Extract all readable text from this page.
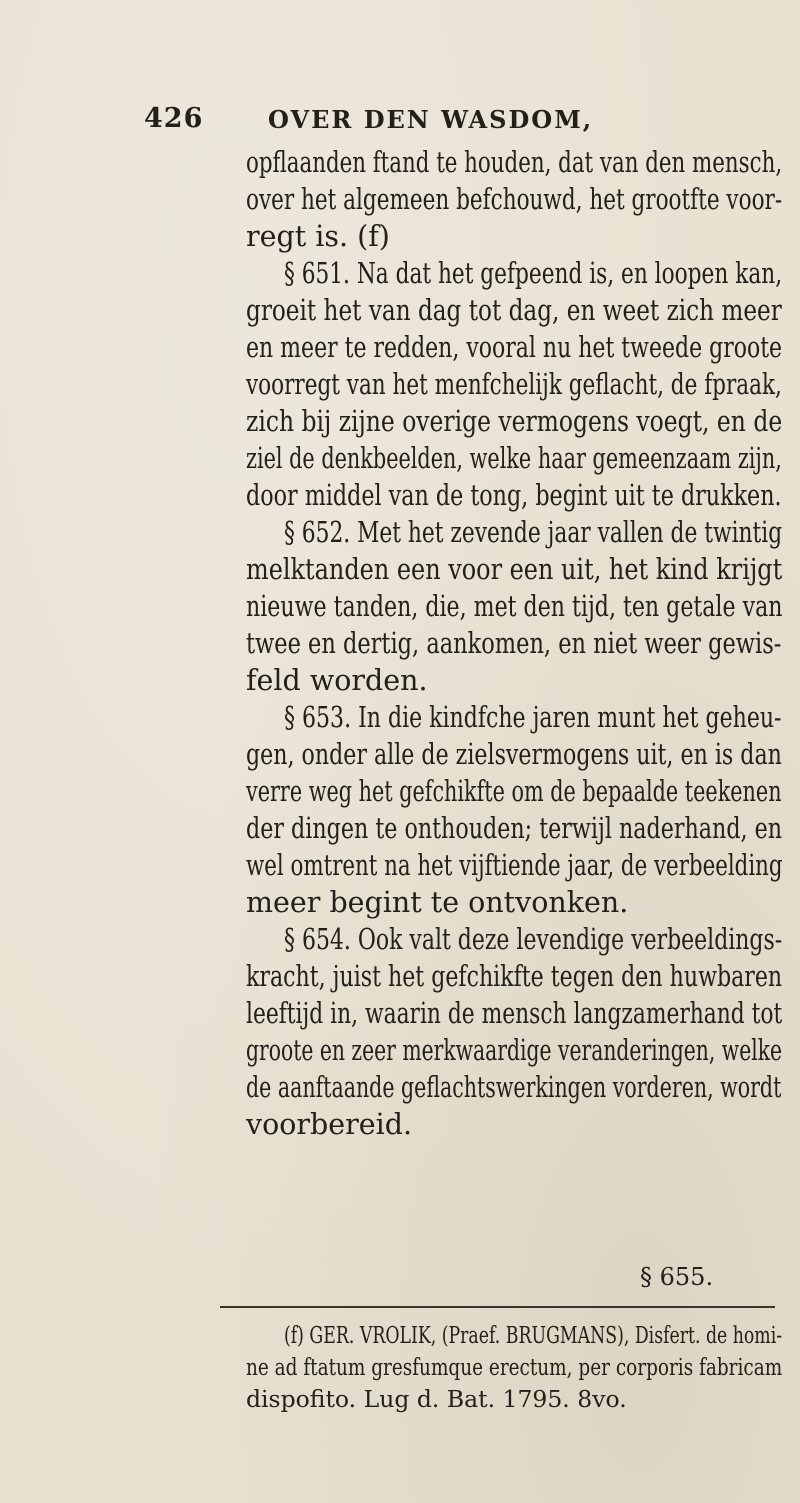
426	OVER DEN WASDOM,
opflaanden ftand te houden, dat van den mensch,
over het algemeen befchouwd, het grootfte voor-
regt is. (f)
§ 651. Na dat het gefpeend is, en loopen kan,
groeit het van dag tot dag, en weet zich meer
en meer te redden, vooral nu het tweede groote
voorregt van het menfchelijk geflacht, de fpraak,
zich bij zijne overige vermogens voegt, en de
ziel de denkbeelden, welke haar gemeenzaam zijn,
door middel van de tong, begint uit te drukken.
§ 652. Met het zevende jaar vallen de twintig
melktanden een voor een uit, het kind krijgt
nieuwe tanden, die, met den tijd, ten getale van
twee en dertig, aankomen, en niet weer gewis-
feld worden.
§ 653. In die kindfche jaren munt het geheu-
gen, onder alle de zielsvermogens uit, en is dan
verre weg het gefchikfte om de bepaalde teekenen
der dingen te onthouden; terwijl naderhand, en
wel omtrent na het vijftiende jaar, de verbeelding
meer begint te ontvonken.
§ 654. Ook valt deze levendige verbeeldings-
kracht, juist het gefchikfte tegen den huwbaren
leeftijd in, waarin de mensch langzamerhand tot
groote en zeer merkwaardige veranderingen, welke
de aanftaande geflachtswerkingen vorderen, wordt
voorbereid.
§ 655.
(f) GER. VROLIK, (Praef. BRUGMANS), Disfert. de homi-
ne ad ftatum gresfumque erectum, per corporis fabricam
dispofito. Lug d. Bat. 1795. 8vo.
